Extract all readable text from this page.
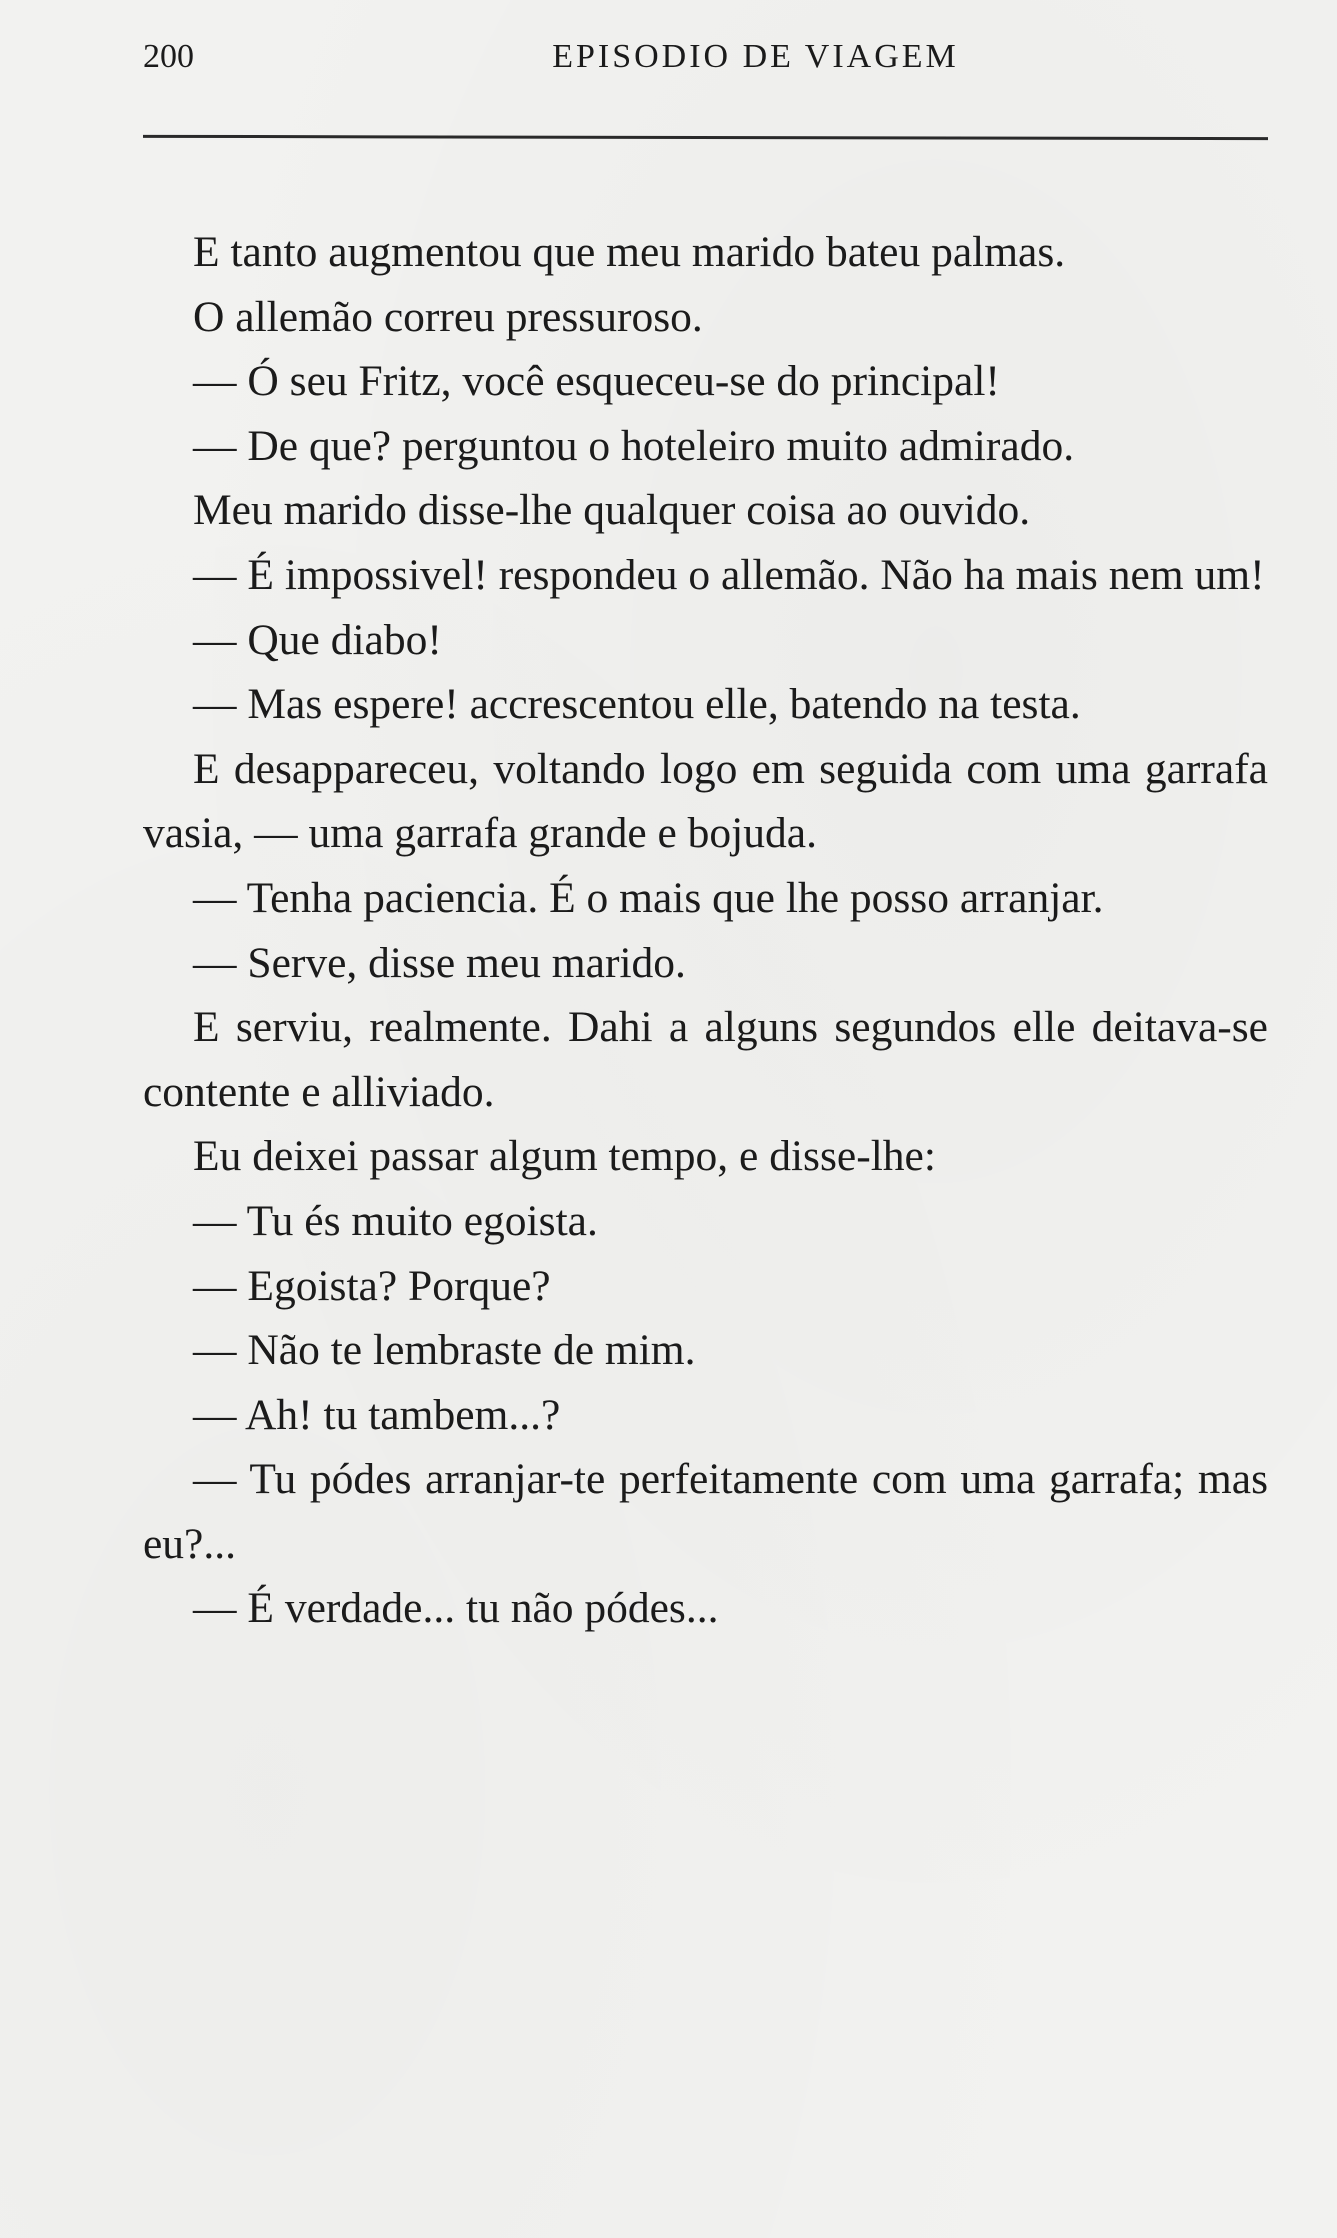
200	EPISODIO DE VIAGEM

E tanto augmentou que meu marido bateu palmas.

O allemão correu pressuroso.

— Ó seu Fritz, você esqueceu-se do principal!

— De que? perguntou o hoteleiro muito admirado.

Meu marido disse-lhe qualquer coisa ao ouvido.

— É impossivel! respondeu o allemão. Não ha mais nem um!

— Que diabo!

— Mas espere! accrescentou elle, batendo na testa.

E desappareceu, voltando logo em seguida com uma garrafa vasia, — uma garrafa grande e bojuda.

— Tenha paciencia. É o mais que lhe posso arranjar.

— Serve, disse meu marido.

E serviu, realmente. Dahi a alguns segundos elle deitava-se contente e alliviado.

Eu deixei passar algum tempo, e disse-lhe:

— Tu és muito egoista.

— Egoista? Porque?

— Não te lembraste de mim.

— Ah! tu tambem...?

— Tu pódes arranjar-te perfeitamente com uma garrafa; mas eu?...

— É verdade... tu não pódes...
